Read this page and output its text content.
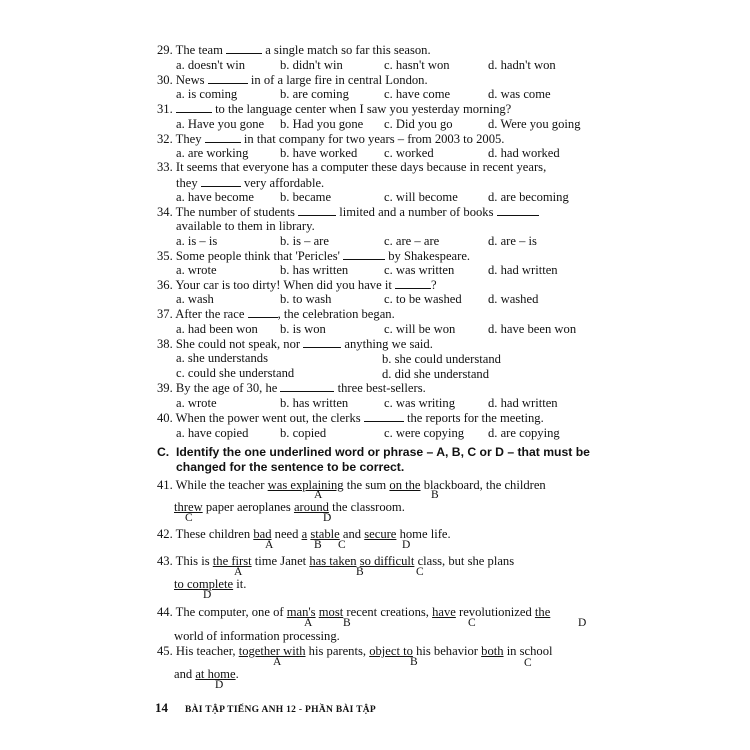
29. The team	a single match so far this season.
a. doesn't win	b. didn't win	c. hasn't won	d. hadn't won
30. News	in of a large fire in central London.
a. is coming	b. are coming	c. have come	d. was come
31.	to the language center when I saw you yesterday morning?
a. Have you gone b. Had you gone c. Did you go	d. Were you going
32. They	in that company for two years – from 2003 to 2005.
a. are working	b. have worked c. worked	d. had worked
33. It seems that everyone has a computer these days because in recent years,
they	very affordable.
a. have become b. became	c. will become d. are becoming
34. The number of students	limited and a number of books
available to them in library.
a. is – is	b. is – are	c. are – are	d. are – is
35. Some people think that 'Pericles'	by Shakespeare.
a. wrote	b. has written	c. was written	d. had written
36. Your car is too dirty! When did you have it	?
a. wash	b. to wash	c. to be washed d. washed
37. After the race	, the celebration began.
a. had been won b. is won	c. will be won	d. have been won
38. She could not speak, nor	anything we said.
a. she understands	b. she could understand
c. could she understand	d. did she understand
39. By the age of 30, he	three best-sellers.
a. wrote	b. has written	c. was writing	d. had written
40. When the power went out, the clerks	the reports for the meeting.
a. have copied	b. copied	c. were copying d. are copying
C. Identify the one underlined word or phrase – A, B, C or D – that must be
changed for the sentence to be correct.
41. While the teacher was explaining the sum on the blackboard, the children
A	B
threw paper aeroplanes around the classroom.
C	D
42. These children bad need a stable and secure home life.
A	B C	D
43. This is the first time Janet has taken so difficult class, but she plans
A	B	C
to complete it.
D
44. The computer, one of man's most recent creations, have revolutionized the
A	B	C	D
world of information processing.
45. His teacher, together with his parents, object to his behavior both in school
A	B	C
and at home.
D
14 BÀI TẬP TIẾNG ANH 12 - PHẦN BÀI TẬP
